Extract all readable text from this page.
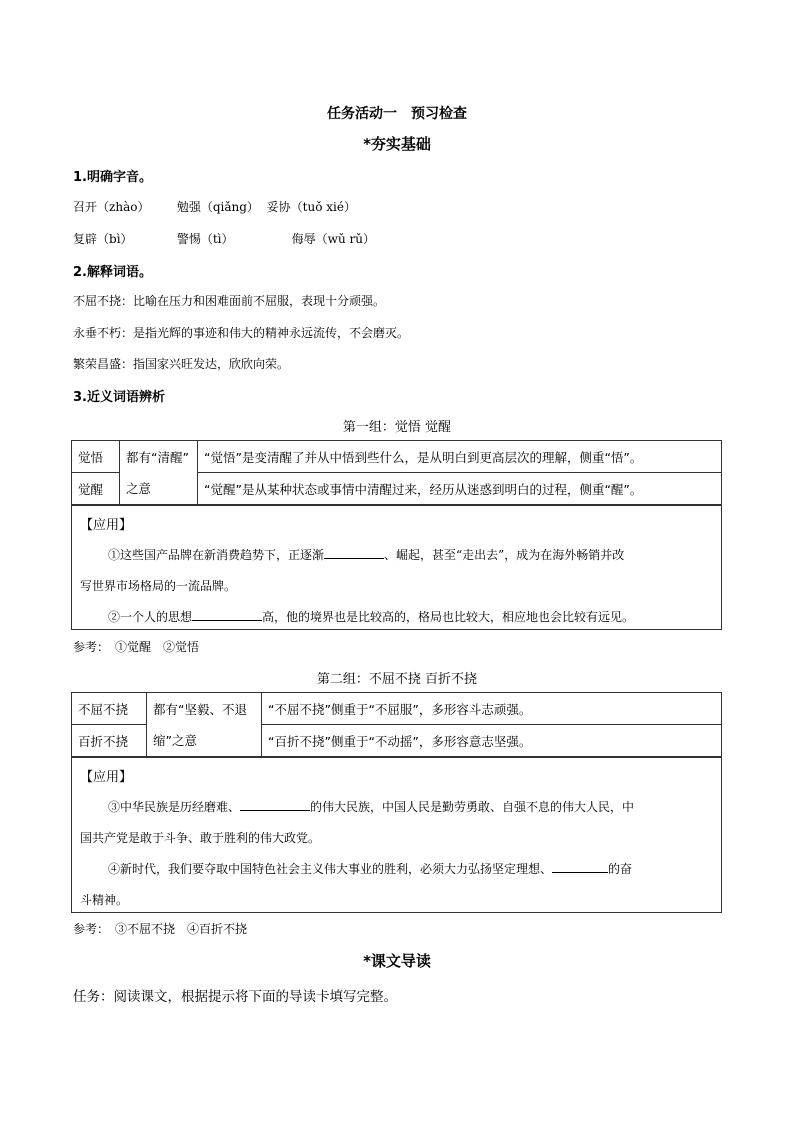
任务活动一　预习检查
*夯实基础
1.明确字音。
召开（zhào） 勉强（qiǎng） 妥协（tuǒ xié）
复辟（bì）	警惕（tì）	侮辱（wǔ rǔ）
2.解释词语。
不屈不挠：比喻在压力和困难面前不屈服，表现十分顽强。
永垂不朽：是指光辉的事迹和伟大的精神永远流传，不会磨灭。
繁荣昌盛：指国家兴旺发达，欣欣向荣。
3.近义词语辨析
第一组：觉悟 觉醒
觉悟	都有“清醒”	“觉悟”是变清醒了并从中悟到些什么，是从明白到更高层次的理解，侧重“悟”。
觉醒	之意	“觉醒”是从某种状态或事情中清醒过来，经历从迷惑到明白的过程，侧重“醒”。
【应用】
①这些国产品牌在新消费趋势下，正逐渐	、崛起，甚至“走出去”，成为在海外畅销并改
写世界市场格局的一流品牌。
②一个人的思想	高，他的境界也是比较高的，格局也比较大，相应地也会比较有远见。
参考：　①觉醒　②觉悟
第二组：不屈不挠 百折不挠
不屈不挠	都有“坚毅、不退	“不屈不挠”侧重于“不屈服”，多形容斗志顽强。
百折不挠	缩”之意	“百折不挠”侧重于“不动摇”，多形容意志坚强。
【应用】
③中华民族是历经磨难、	的伟大民族，中国人民是勤劳勇敢、自强不息的伟大人民，中
国共产党是敢于斗争、敢于胜利的伟大政党。
④新时代，我们要夺取中国特色社会主义伟大事业的胜利，必须大力弘扬坚定理想、	的奋
斗精神。
参考：　③不屈不挠　④百折不挠
*课文导读
任务：阅读课文，根据提示将下面的导读卡填写完整。
